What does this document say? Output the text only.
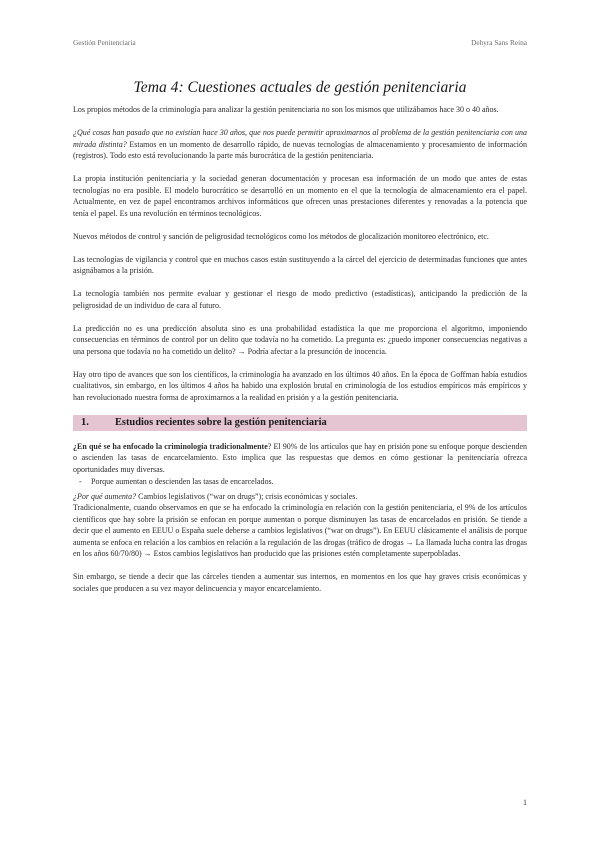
Gestión Penitenciaria	Dehyra Sans Reina
Tema 4: Cuestiones actuales de gestión penitenciaria

Los propios métodos de la criminología para analizar la gestión penitenciaria no son los mismos que utilizábamos hace 30 o 40 años.

¿Qué cosas han pasado que no existían hace 30 años, que nos puede permitir aproximarnos al problema de la gestión penitenciaria con una mirada distinta? Estamos en un momento de desarrollo rápido, de nuevas tecnologías de almacenamiento y procesamiento de información (registros). Todo esto está revolucionando la parte más burocrática de la gestión penitenciaria.

La propia institución penitenciaria y la sociedad generan documentación y procesan esa información de un modo que antes de estas tecnologías no era posible. El modelo burocrático se desarrolló en un momento en el que la tecnología de almacenamiento era el papel. Actualmente, en vez de papel encontramos archivos informáticos que ofrecen unas prestaciones diferentes y renovadas a la potencia que tenía el papel. Es una revolución en términos tecnológicos.

Nuevos métodos de control y sanción de peligrosidad tecnológicos como los métodos de glocalización monitoreo electrónico, etc.

Las tecnologías de vigilancia y control que en muchos casos están sustituyendo a la cárcel del ejercicio de determinadas funciones que antes asignábamos a la prisión.

La tecnología también nos permite evaluar y gestionar el riesgo de modo predictivo (estadísticas), anticipando la predicción de la peligrosidad de un individuo de cara al futuro.

La predicción no es una predicción absoluta sino es una probabilidad estadística la que me proporciona el algoritmo, imponiendo consecuencias en términos de control por un delito que todavía no ha cometido. La pregunta es: ¿puedo imponer consecuencias negativas a una persona que todavía no ha cometido un delito? → Podría afectar a la presunción de inocencia.

Hay otro tipo de avances que son los científicos, la criminología ha avanzado en los últimos 40 años. En la época de Goffman había estudios cualitativos, sin embargo, en los últimos 4 años ha habido una explosión brutal en criminología de los estudios empíricos más empíricos y han revolucionado nuestra forma de aproximarnos a la realidad en prisión y a la gestión penitenciaria.

1.	Estudios recientes sobre la gestión penitenciaria

¿En qué se ha enfocado la criminología tradicionalmente? El 90% de los artículos que hay en prisión pone su enfoque porque descienden o ascienden las tasas de encarcelamiento. Esto implica que las respuestas que demos en cómo gestionar la penitenciaría ofrezca oportunidades muy diversas.

- Porque aumentan o descienden las tasas de encarcelados.

¿Por qué aumenta? Cambios legislativos (“war on drugs”); crisis económicas y sociales.

Tradicionalmente, cuando observamos en que se ha enfocado la criminología en relación con la gestión penitenciaria, el 9% de los artículos científicos que hay sobre la prisión se enfocan en porque aumentan o porque disminuyen las tasas de encarcelados en prisión. Se tiende a decir que el aumento en EEUU o España suele deberse a cambios legislativos (“war on drugs”). En EEUU clásicamente el análisis de porque aumenta se enfoca en relación a los cambios en relación a la regulación de las drogas (tráfico de drogas → La llamada lucha contra las drogas en los años 60/70/80) → Estos cambios legislativos han producido que las prisiones estén completamente superpobladas.

Sin embargo, se tiende a decir que las cárceles tienden a aumentar sus internos, en momentos en los que hay graves crisis económicas y sociales que producen a su vez mayor delincuencia y mayor encarcelamiento.

1
